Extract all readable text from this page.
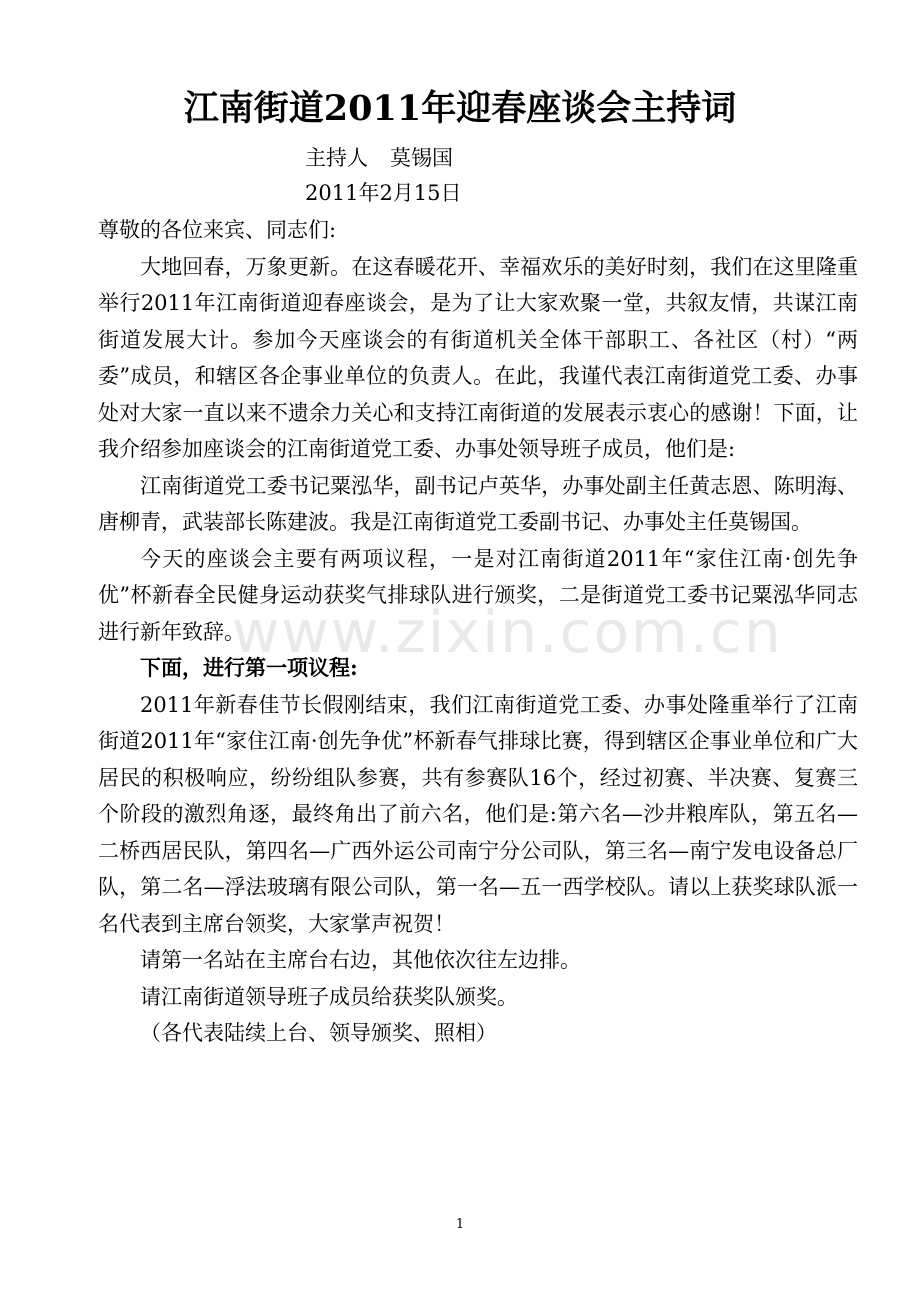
www.zixin.com.cn
江南街道2011年迎春座谈会主持词
主持人 莫锡国
2011年2月15日

尊敬的各位来宾、同志们:

大地回春，万象更新。在这春暖花开、幸福欢乐的美好时刻，我们在这里隆重举行2011年江南街道迎春座谈会，是为了让大家欢聚一堂，共叙友情，共谋江南街道发展大计。参加今天座谈会的有街道机关全体干部职工、各社区（村）“两委”成员，和辖区各企事业单位的负责人。在此，我谨代表江南街道党工委、办事处对大家一直以来不遗余力关心和支持江南街道的发展表示衷心的感谢！下面，让我介绍参加座谈会的江南街道党工委、办事处领导班子成员，他们是:

江南街道党工委书记粟泓华，副书记卢英华，办事处副主任黄志恩、陈明海、唐柳青，武装部长陈建波。我是江南街道党工委副书记、办事处主任莫锡国。

今天的座谈会主要有两项议程，一是对江南街道2011年“家住江南·创先争优”杯新春全民健身运动获奖气排球队进行颁奖，二是街道党工委书记粟泓华同志进行新年致辞。

下面，进行第一项议程:

2011年新春佳节长假刚结束，我们江南街道党工委、办事处隆重举行了江南街道2011年“家住江南·创先争优”杯新春气排球比赛，得到辖区企事业单位和广大居民的积极响应，纷纷组队参赛，共有参赛队16个，经过初赛、半决赛、复赛三个阶段的激烈角逐，最终角出了前六名，他们是:第六名—沙井粮库队，第五名—二桥西居民队，第四名—广西外运公司南宁分公司队，第三名—南宁发电设备总厂队，第二名—浮法玻璃有限公司队，第一名—五一西学校队。请以上获奖球队派一名代表到主席台领奖，大家掌声祝贺！

请第一名站在主席台右边，其他依次往左边排。

请江南街道领导班子成员给获奖队颁奖。

（各代表陆续上台、领导颁奖、照相）

1
